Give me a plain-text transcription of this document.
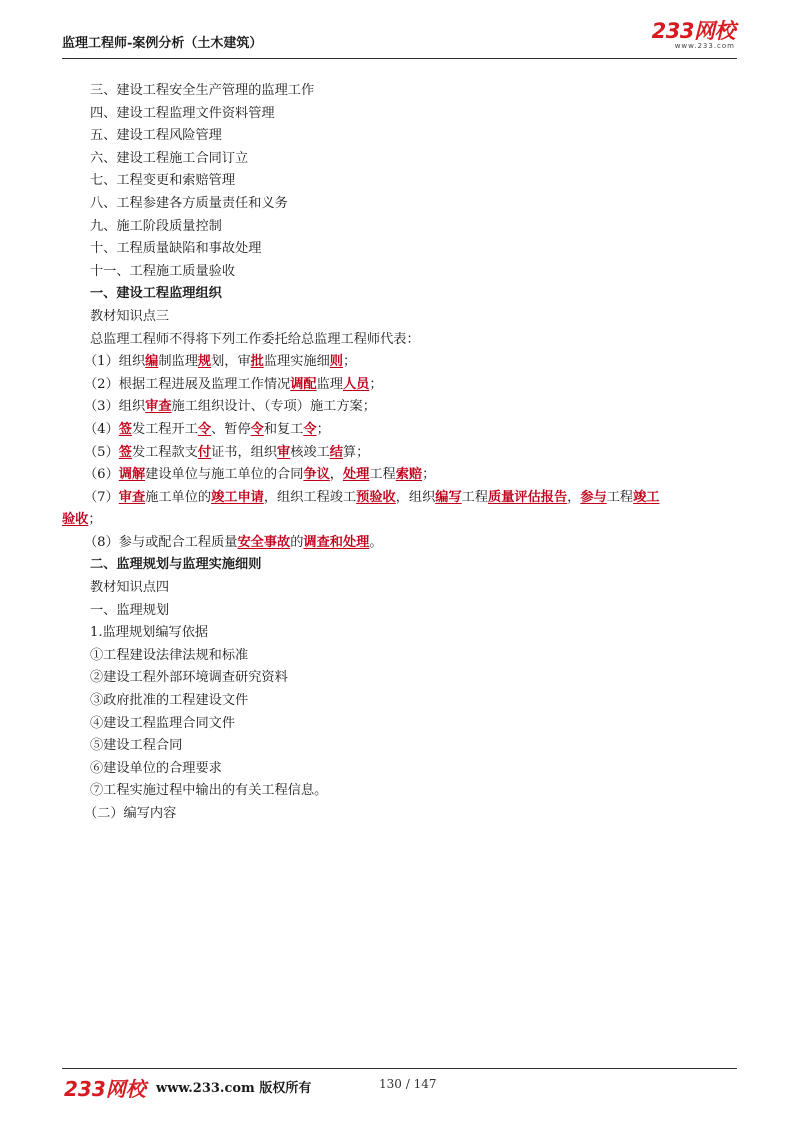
监理工程师-案例分析（土木建筑）
233网校
www.233.com
三、建设工程安全生产管理的监理工作
四、建设工程监理文件资料管理
五、建设工程风险管理
六、建设工程施工合同订立
七、工程变更和索赔管理
八、工程参建各方质量责任和义务
九、施工阶段质量控制
十、工程质量缺陷和事故处理
十一、工程施工质量验收
一、建设工程监理组织
教材知识点三
总监理工程师不得将下列工作委托给总监理工程师代表：
（1）组织编制监理规划，审批监理实施细则；
（2）根据工程进展及监理工作情况调配监理人员；
（3）组织审查施工组织设计、（专项）施工方案；
（4）签发工程开工令、暂停令和复工令；
（5）签发工程款支付证书，组织审核竣工结算；
（6）调解建设单位与施工单位的合同争议，处理工程索赔；
（7）审查施工单位的竣工申请，组织工程竣工预验收，组织编写工程质量评估报告，参与工程竣工
验收；
（8）参与或配合工程质量安全事故的调查和处理。
二、监理规划与监理实施细则
教材知识点四
一、监理规划
1.监理规划编写依据
①工程建设法律法规和标准
②建设工程外部环境调查研究资料
③政府批准的工程建设文件
④建设工程监理合同文件
⑤建设工程合同
⑥建设单位的合理要求
⑦工程实施过程中输出的有关工程信息。
（二）编写内容
233网校 www.233.com 版权所有	130 / 147
